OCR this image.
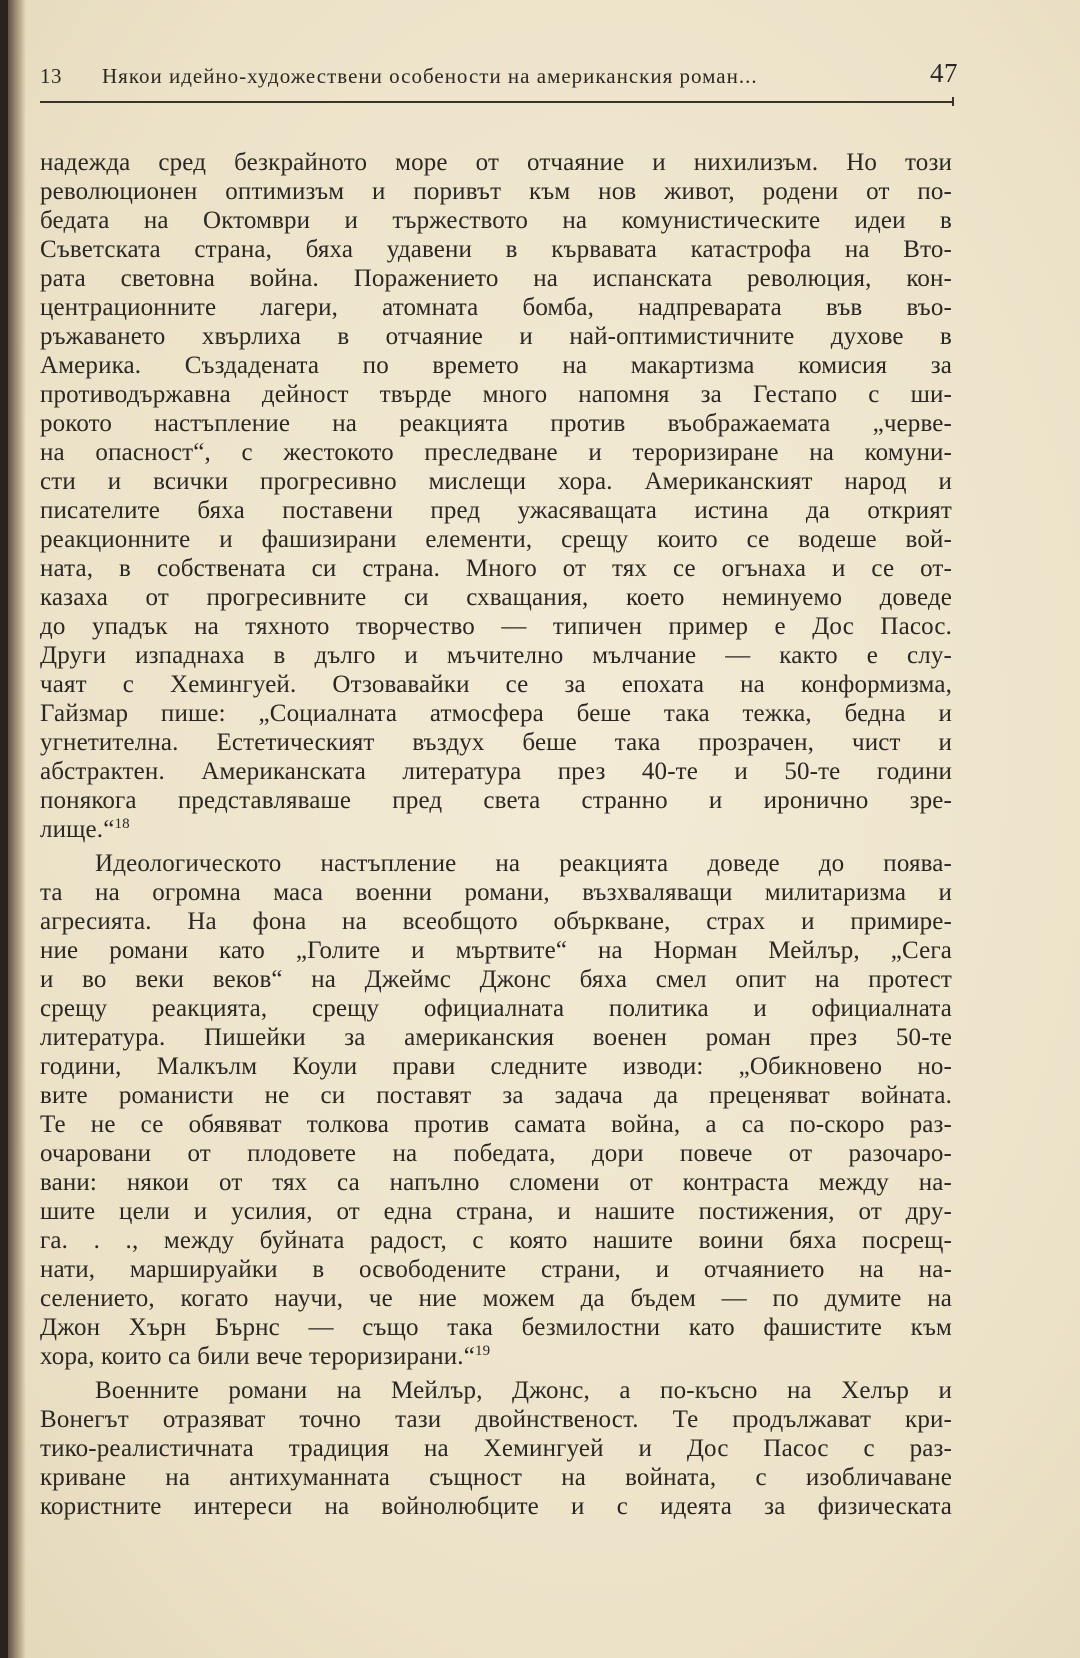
13 Някои идейно-художествени особености на американския роман...	47
надежда сред безкрайното море от отчаяние и нихилизъм. Но този
революционен оптимизъм и поривът към нов живот, родени от по-
бедата на Октомври и тържеството на комунистическите идеи в
Съветската страна, бяха удавени в кървавата катастрофа на Вто-
рата световна война. Поражението на испанската революция, кон-
центрационните лагери, атомната бомба, надпреварата във въо-
ръжаването хвърлиха в отчаяние и най-оптимистичните духове в
Америка. Създадената по времето на макартизма комисия за
противодържавна дейност твърде много напомня за Гестапо с ши-
рокото настъпление на реакцията против въображаемата „черве-
на опасност“, с жестокото преследване и тероризиране на комуни-
сти и всички прогресивно мислещи хора. Американският народ и
писателите бяха поставени пред ужасяващата истина да открият
реакционните и фашизирани елементи, срещу които се водеше вой-
ната, в собствената си страна. Много от тях се огънаха и се от-
казаха от прогресивните си схващания, което неминуемо доведе
до упадък на тяхното творчество — типичен пример е Дос Пасос.
Други изпаднаха в дълго и мъчително мълчание — както е слу-
чаят с Хемингуей. Отзовавайки се за епохата на конформизма,
Гайзмар пише: „Социалната атмосфера беше така тежка, бедна и
угнетителна. Естетическият въздух беше така прозрачен, чист и
абстрактен. Американската литература през 40-те и 50-те години
понякога представляваше пред света странно и иронично зре-
лище.“$^{18}$
Идеологическото настъпление на реакцията доведе до поява-
та на огромна маса военни романи, възхваляващи милитаризма и
агресията. На фона на всеобщото объркване, страх и примире-
ние романи като „Голите и мъртвите“ на Норман Мейлър, „Сега
и во веки веков“ на Джеймс Джонс бяха смел опит на протест
срещу реакцията, срещу официалната политика и официалната
литература. Пишейки за американския военен роман през 50-те
години, Малкълм Коули прави следните изводи: „Обикновено но-
вите романисти не си поставят за задача да преценяват войната.
Те не се обявяват толкова против самата война, а са по-скоро раз-
очаровани от плодовете на победата, дори повече от разочаро-
вани: някои от тях са напълно сломени от контраста между на-
шите цели и усилия, от една страна, и нашите постижения, от дру-
га. . ., между буйната радост, с която нашите воини бяха посрещ-
нати, маршируайки в освободените страни, и отчаянието на на-
селението, когато научи, че ние можем да бъдем — по думите на
Джон Хърн Бърнс — също така безмилостни като фашистите към
хора, които са били вече тероризирани.“$^{19}$
Военните романи на Мейлър, Джонс, а по-късно на Хелър и
Вонегът отразяват точно тази двойнственост. Те продължават кри-
тико-реалистичната традиция на Хемингуей и Дос Пасос с раз-
криване на антихуманната същност на войната, с изобличаване
користните интереси на войнолюбците и с идеята за физическата
